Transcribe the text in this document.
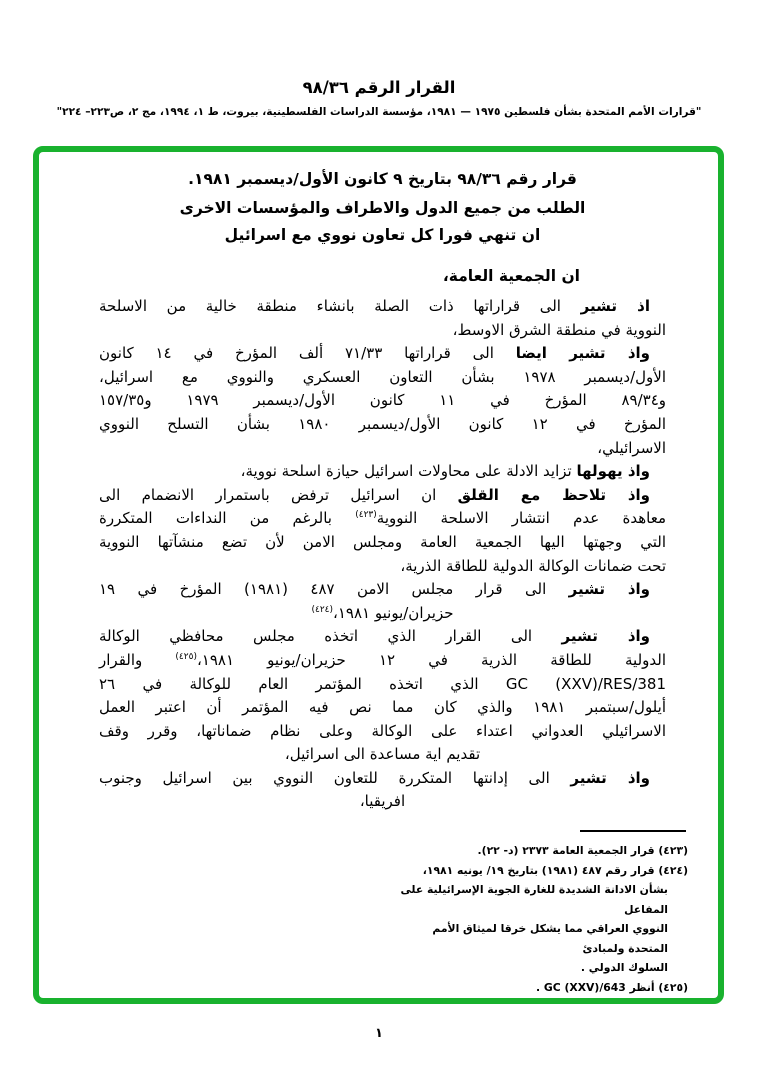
القرار الرقم ٩٨/٣٦
"قرارات الأمم المتحدة بشأن فلسطين ١٩٧٥ — ١٩٨١، مؤسسة الدراسات الفلسطينية، بيروت، ط ١، ١٩٩٤، مج ٢، ص٢٢٣– ٢٢٤"
قرار رقم ٩٨/٣٦ بتاريخ ٩ كانون الأول/ديسمبر ١٩٨١.
الطلب من جميع الدول والاطراف والمؤسسات الاخرى
ان تنهي فورا كل تعاون نووي مع اسرائيل
ان الجمعية العامة،
اذ تشير الى قراراتها ذات الصلة بانشاء منطقة خالية من الاسلحة
النووية في منطقة الشرق الاوسط،
واذ تشير ايضا الى قراراتها ٧١/٣٣ ألف المؤرخ في ١٤ كانون
الأول/ديسمبر ١٩٧٨ بشأن التعاون العسكري والنووي مع اسرائيل،
و٨٩/٣٤ المؤرخ في ١١ كانون الأول/ديسمبر ١٩٧٩ و١٥٧/٣٥
المؤرخ في ١٢ كانون الأول/ديسمبر ١٩٨٠ بشأن التسلح النووي
الاسرائيلي،
واذ يهولها تزايد الادلة على محاولات اسرائيل حيازة اسلحة نووية،
واذ تلاحظ مع القلق ان اسرائيل ترفض باستمرار الانضمام الى
معاهدة عدم انتشار الاسلحة النووية$^{(٤٢٣)}$ بالرغم من النداءات المتكررة
التي وجهتها اليها الجمعية العامة ومجلس الامن لأن تضع منشآتها النووية
تحت ضمانات الوكالة الدولية للطاقة الذرية،
واذ تشير الى قرار مجلس الامن ٤٨٧ (١٩٨١) المؤرخ في ١٩
حزيران/يونيو ١٩٨١،$^{(٤٢٤)}$
واذ تشير الى القرار الذي اتخذه مجلس محافظي الوكالة
الدولية للطاقة الذرية في ١٢ حزيران/يونيو ١٩٨١،$^{(٤٢٥)}$ والقرار
GC (XXV)/RES/381 الذي اتخذه المؤتمر العام للوكالة في ٢٦
أيلول/سبتمبر ١٩٨١ والذي كان مما نص فيه المؤتمر أن اعتبر العمل
الاسرائيلي العدواني اعتداء على الوكالة وعلى نظام ضماناتها، وقرر وقف
تقديم اية مساعدة الى اسرائيل،
واذ تشير الى إدانتها المتكررة للتعاون النووي بين اسرائيل وجنوب
افريقيا،
(٤٢٣) قرار الجمعية العامة ٢٣٧٣ (د- ٢٢).
(٤٢٤) قرار رقم ٤٨٧ (١٩٨١) بتاريخ ١٩/ يونيه ١٩٨١،
بشأن الادانة الشديدة للغارة الجوية الإسرائيلية على المفاعل
النووي العراقي مما يشكل خرقا لميثاق الأمم المتحدة ولمبادئ
السلوك الدولي .
(٤٢٥) أنظر GC (XXV)/643 .
١
